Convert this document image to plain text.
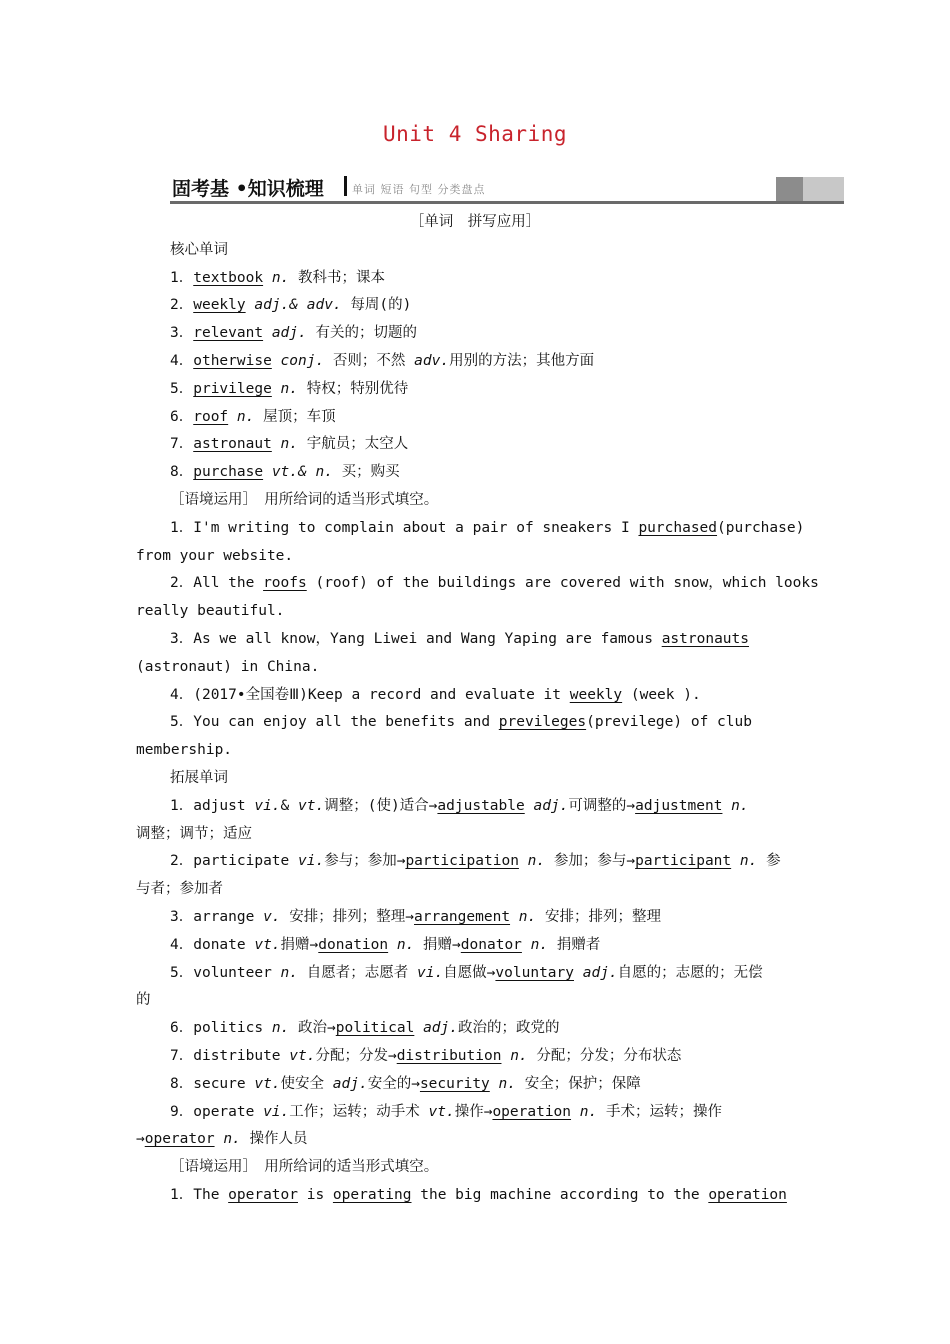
Unit 4 Sharing
固考基 •知识梳理	单词 短语 句型 分类盘点
［单词　拼写应用］
核心单词
1．textbook n. 教科书；课本
2．weekly adj.& adv. 每周(的)
3．relevant adj. 有关的；切题的
4．otherwise conj. 否则；不然 adv.用别的方法；其他方面
5．privilege n. 特权；特别优待
6．roof n. 屋顶；车顶
7．astronaut n. 宇航员；太空人
8．purchase vt.& n. 买；购买
［语境运用］　用所给词的适当形式填空。
1．I'm writing to complain about a pair of sneakers I purchased(purchase)
from your website.
2．All the roofs (roof) of the buildings are covered with snow，which looks
really beautiful.
3．As we all know，Yang Liwei and Wang Yaping are famous astronauts
(astronaut) in China.
4．(2017•全国卷Ⅲ)Keep a record and evaluate it weekly (week ).
5．You can enjoy all the benefits and previleges(previlege) of club
membership.
拓展单词
1．adjust vi.& vt.调整；(使)适合→adjustable adj.可调整的→adjustment n.
调整；调节；适应
2．participate vi.参与；参加→participation n. 参加；参与→participant n. 参
与者；参加者
3．arrange v. 安排；排列；整理→arrangement n. 安排；排列；整理
4．donate vt.捐赠→donation n. 捐赠→donator n. 捐赠者
5．volunteer n. 自愿者；志愿者 vi.自愿做→voluntary adj.自愿的；志愿的；无偿
的
6．politics n. 政治→political adj.政治的；政党的
7．distribute vt.分配；分发→distribution n. 分配；分发；分布状态
8．secure vt.使安全 adj.安全的→security n. 安全；保护；保障
9．operate vi.工作；运转；动手术 vt.操作→operation n. 手术；运转；操作
→operator n. 操作人员
［语境运用］　用所给词的适当形式填空。
1．The operator is operating the big machine according to the operation
